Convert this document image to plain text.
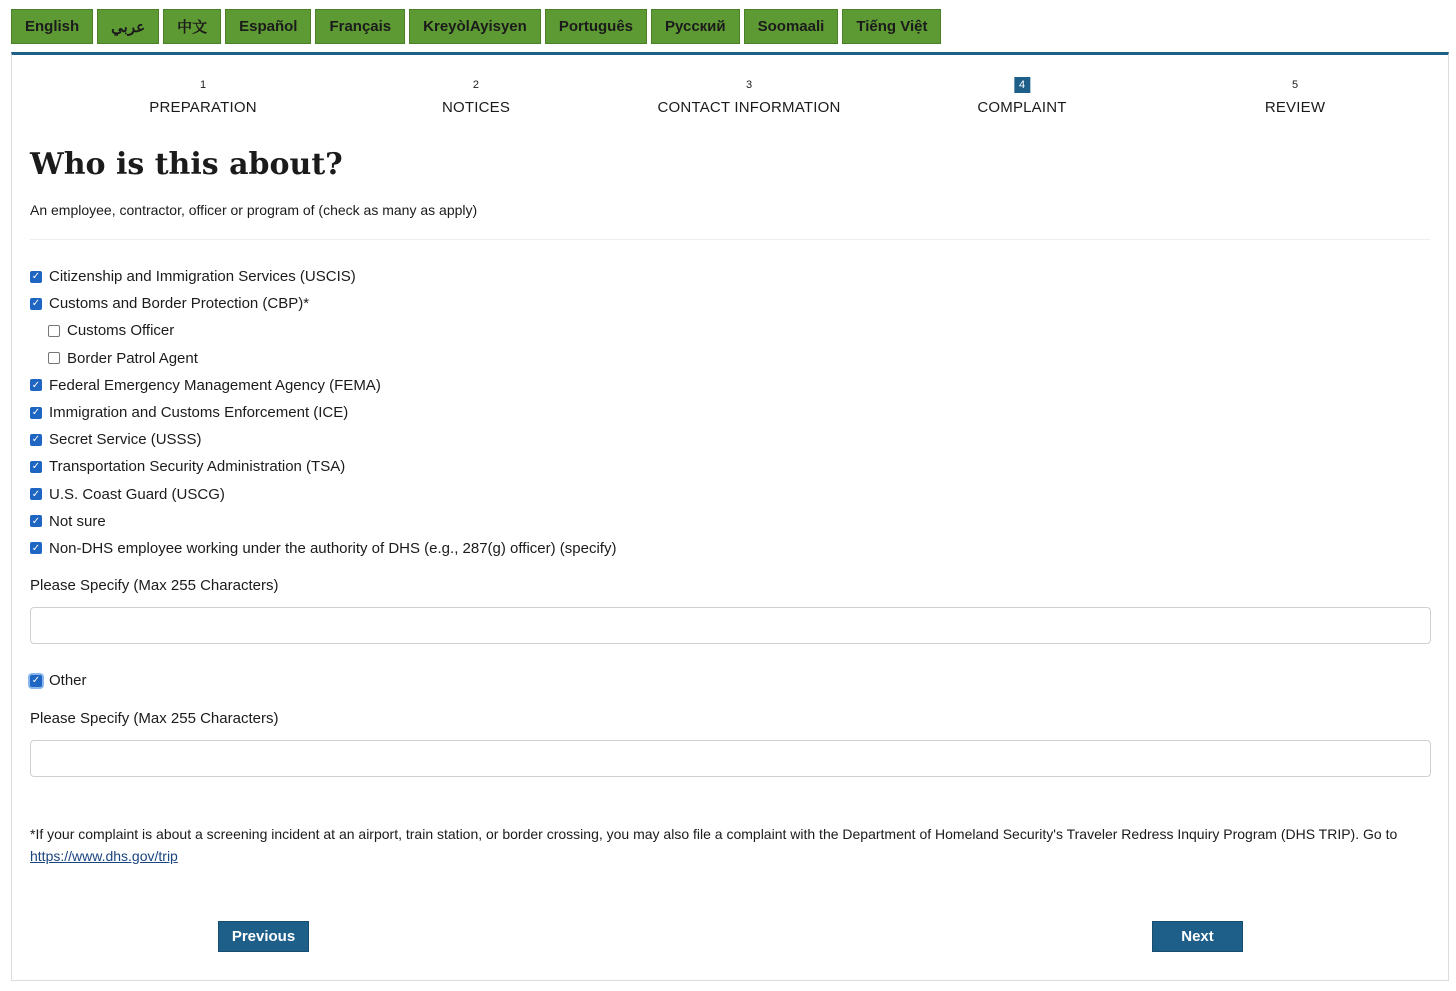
English	عربي	中文	Español	Français	KreyòlAyisyen	Português	Русский	Soomaali	Tiếng Việt
1
PREPARATION
2
NOTICES
3
CONTACT INFORMATION
4
COMPLAINT
5
REVIEW
Who is this about?
An employee, contractor, officer or program of (check as many as apply)
✓ Citizenship and Immigration Services (USCIS)
✓ Customs and Border Protection (CBP)*
Customs Officer
Border Patrol Agent
✓ Federal Emergency Management Agency (FEMA)
✓ Immigration and Customs Enforcement (ICE)
✓ Secret Service (USSS)
✓ Transportation Security Administration (TSA)
✓ U.S. Coast Guard (USCG)
✓ Not sure
✓ Non-DHS employee working under the authority of DHS (e.g., 287(g) officer) (specify)
Please Specify (Max 255 Characters)
✓ Other
Please Specify (Max 255 Characters)
*If your complaint is about a screening incident at an airport, train station, or border crossing, you may also file a complaint with the Department of Homeland Security's Traveler Redress Inquiry Program (DHS TRIP). Go to https://www.dhs.gov/trip
Previous	Next
